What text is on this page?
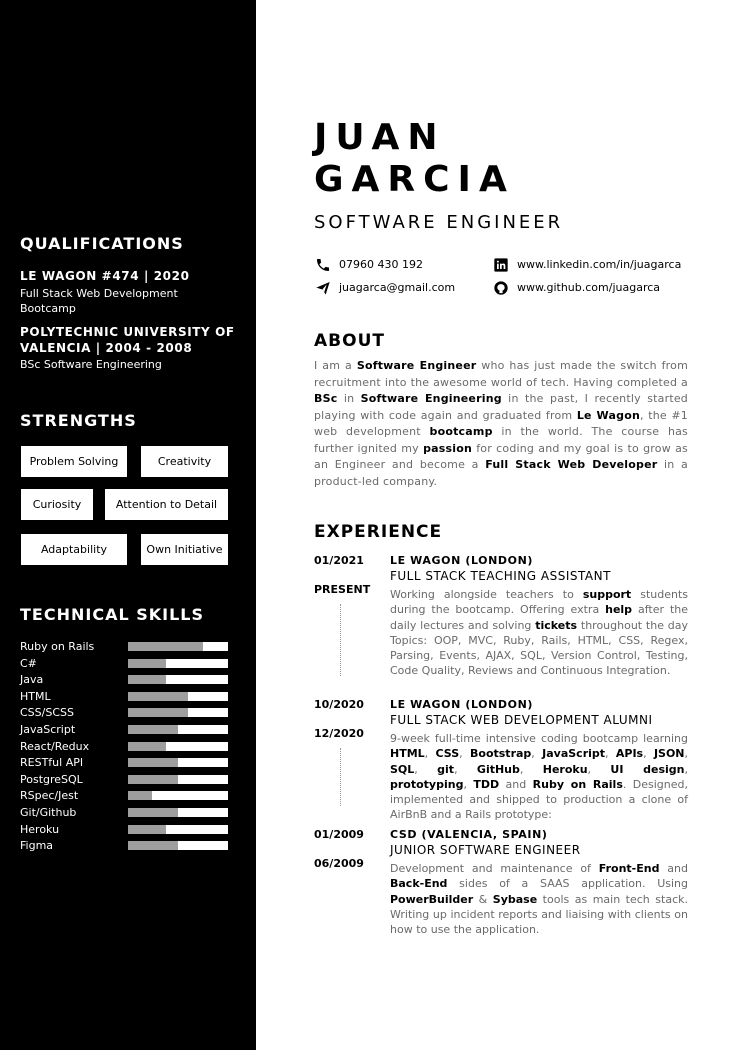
QUALIFICATIONS
LE WAGON #474 | 2020
Full Stack Web Development Bootcamp
POLYTECHNIC UNIVERSITY OF VALENCIA | 2004 - 2008
BSc Software Engineering
STRENGTHS
Problem Solving	Creativity
Curiosity	Attention to Detail
Adaptability	Own Initiative
TECHNICAL SKILLS
Ruby on Rails
C#
Java
HTML
CSS/SCSS
JavaScript
React/Redux
RESTful API
PostgreSQL
RSpec/Jest
Git/Github
Heroku
Figma
JUAN
GARCIA
SOFTWARE ENGINEER
07960 430 192
juagarca@gmail.com
www.linkedin.com/in/juagarca
www.github.com/juagarca
ABOUT
I am a Software Engineer who has just made the switch from recruitment into the awesome world of tech. Having completed a BSc in Software Engineering in the past, I recently started playing with code again and graduated from Le Wagon, the #1 web development bootcamp in the world. The course has further ignited my passion for coding and my goal is to grow as an Engineer and become a Full Stack Web Developer in a product-led company.
EXPERIENCE
01/2021
PRESENT
LE WAGON (LONDON)
FULL STACK TEACHING ASSISTANT
Working alongside teachers to support students during the bootcamp. Offering extra help after the daily lectures and solving tickets throughout the day Topics: OOP, MVC, Ruby, Rails, HTML, CSS, Regex, Parsing, Events, AJAX, SQL, Version Control, Testing, Code Quality, Reviews and Continuous Integration.
10/2020
12/2020
LE WAGON (LONDON)
FULL STACK WEB DEVELOPMENT ALUMNI
9-week full-time intensive coding bootcamp learning HTML, CSS, Bootstrap, JavaScript, APIs, JSON, SQL, git, GitHub, Heroku, UI design, prototyping, TDD and Ruby on Rails. Designed, implemented and shipped to production a clone of AirBnB and a Rails prototype:
01/2009
06/2009
CSD (VALENCIA, SPAIN)
JUNIOR SOFTWARE ENGINEER
Development and maintenance of Front-End and Back-End sides of a SAAS application. Using PowerBuilder & Sybase tools as main tech stack. Writing up incident reports and liaising with clients on how to use the application.
